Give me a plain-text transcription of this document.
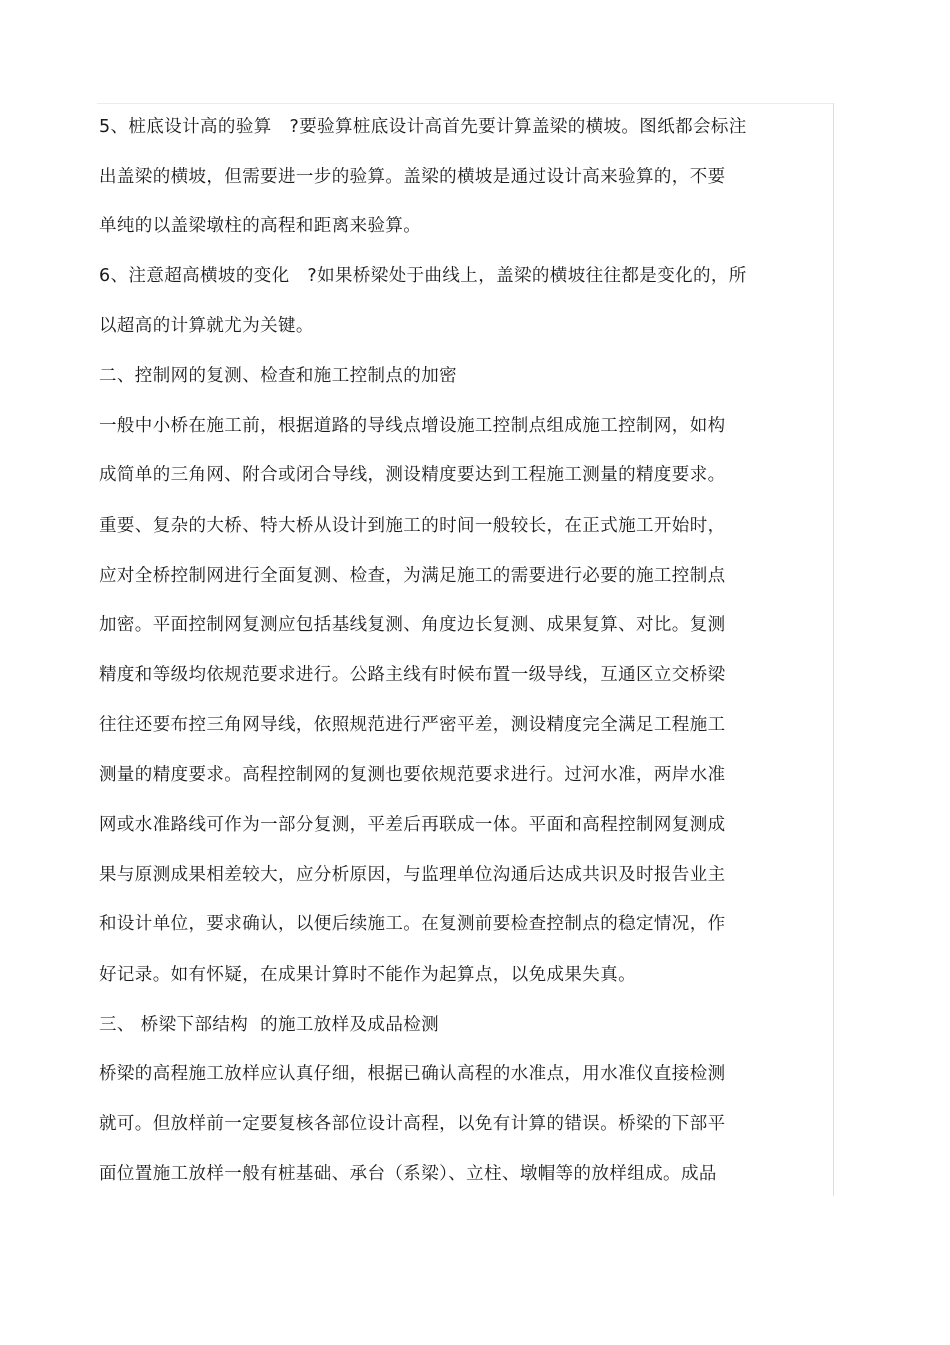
5、桩底设计高的验算   ?要验算桩底设计高首先要计算盖梁的横坡。图纸都会标注
出盖梁的横坡，但需要进一步的验算。盖梁的横坡是通过设计高来验算的，不要
单纯的以盖梁墩柱的高程和距离来验算。
6、注意超高横坡的变化   ?如果桥梁处于曲线上，盖梁的横坡往往都是变化的，所
以超高的计算就尤为关键。
二、控制网的复测、检查和施工控制点的加密
一般中小桥在施工前，根据道路的导线点增设施工控制点组成施工控制网，如构
成简单的三角网、附合或闭合导线，测设精度要达到工程施工测量的精度要求。
重要、复杂的大桥、特大桥从设计到施工的时间一般较长，在正式施工开始时，
应对全桥控制网进行全面复测、检查，为满足施工的需要进行必要的施工控制点
加密。平面控制网复测应包括基线复测、角度边长复测、成果复算、对比。复测
精度和等级均依规范要求进行。公路主线有时候布置一级导线，互通区立交桥梁
往往还要布控三角网导线，依照规范进行严密平差，测设精度完全满足工程施工
测量的精度要求。高程控制网的复测也要依规范要求进行。过河水准，两岸水准
网或水准路线可作为一部分复测，平差后再联成一体。平面和高程控制网复测成
果与原测成果相差较大，应分析原因，与监理单位沟通后达成共识及时报告业主
和设计单位，要求确认，以便后续施工。在复测前要检查控制点的稳定情况，作
好记录。如有怀疑，在成果计算时不能作为起算点，以免成果失真。
三、 桥梁下部结构  的施工放样及成品检测
桥梁的高程施工放样应认真仔细，根据已确认高程的水准点，用水准仪直接检测
就可。但放样前一定要复核各部位设计高程，以免有计算的错误。桥梁的下部平
面位置施工放样一般有桩基础、承台（系梁）、立柱、墩帽等的放样组成。成品
